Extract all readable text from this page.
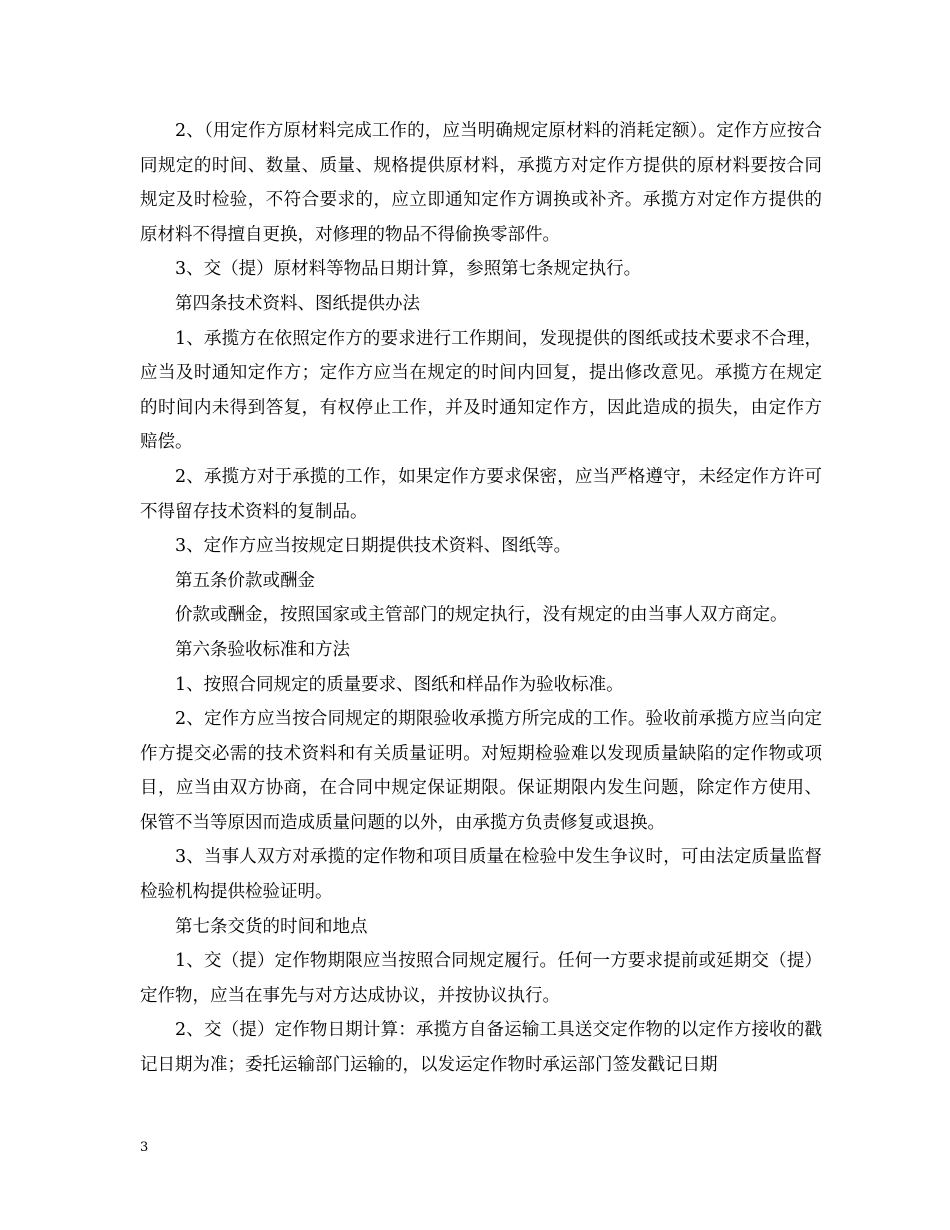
2、（用定作方原材料完成工作的，应当明确规定原材料的消耗定额）。定作方应按合同规定的时间、数量、质量、规格提供原材料，承揽方对定作方提供的原材料要按合同规定及时检验，不符合要求的，应立即通知定作方调换或补齐。承揽方对定作方提供的原材料不得擅自更换，对修理的物品不得偷换零部件。

3、交（提）原材料等物品日期计算，参照第七条规定执行。

第四条技术资料、图纸提供办法

1、承揽方在依照定作方的要求进行工作期间，发现提供的图纸或技术要求不合理，应当及时通知定作方；定作方应当在规定的时间内回复，提出修改意见。承揽方在规定的时间内未得到答复，有权停止工作，并及时通知定作方，因此造成的损失，由定作方赔偿。

2、承揽方对于承揽的工作，如果定作方要求保密，应当严格遵守，未经定作方许可不得留存技术资料的复制品。

3、定作方应当按规定日期提供技术资料、图纸等。

第五条价款或酬金

价款或酬金，按照国家或主管部门的规定执行，没有规定的由当事人双方商定。

第六条验收标准和方法

1、按照合同规定的质量要求、图纸和样品作为验收标准。

2、定作方应当按合同规定的期限验收承揽方所完成的工作。验收前承揽方应当向定作方提交必需的技术资料和有关质量证明。对短期检验难以发现质量缺陷的定作物或项目，应当由双方协商，在合同中规定保证期限。保证期限内发生问题，除定作方使用、保管不当等原因而造成质量问题的以外，由承揽方负责修复或退换。

3、当事人双方对承揽的定作物和项目质量在检验中发生争议时，可由法定质量监督检验机构提供检验证明。

第七条交货的时间和地点

1、交（提）定作物期限应当按照合同规定履行。任何一方要求提前或延期交（提）定作物，应当在事先与对方达成协议，并按协议执行。

2、交（提）定作物日期计算：承揽方自备运输工具送交定作物的以定作方接收的戳记日期为准；委托运输部门运输的，以发运定作物时承运部门签发戳记日期

3
